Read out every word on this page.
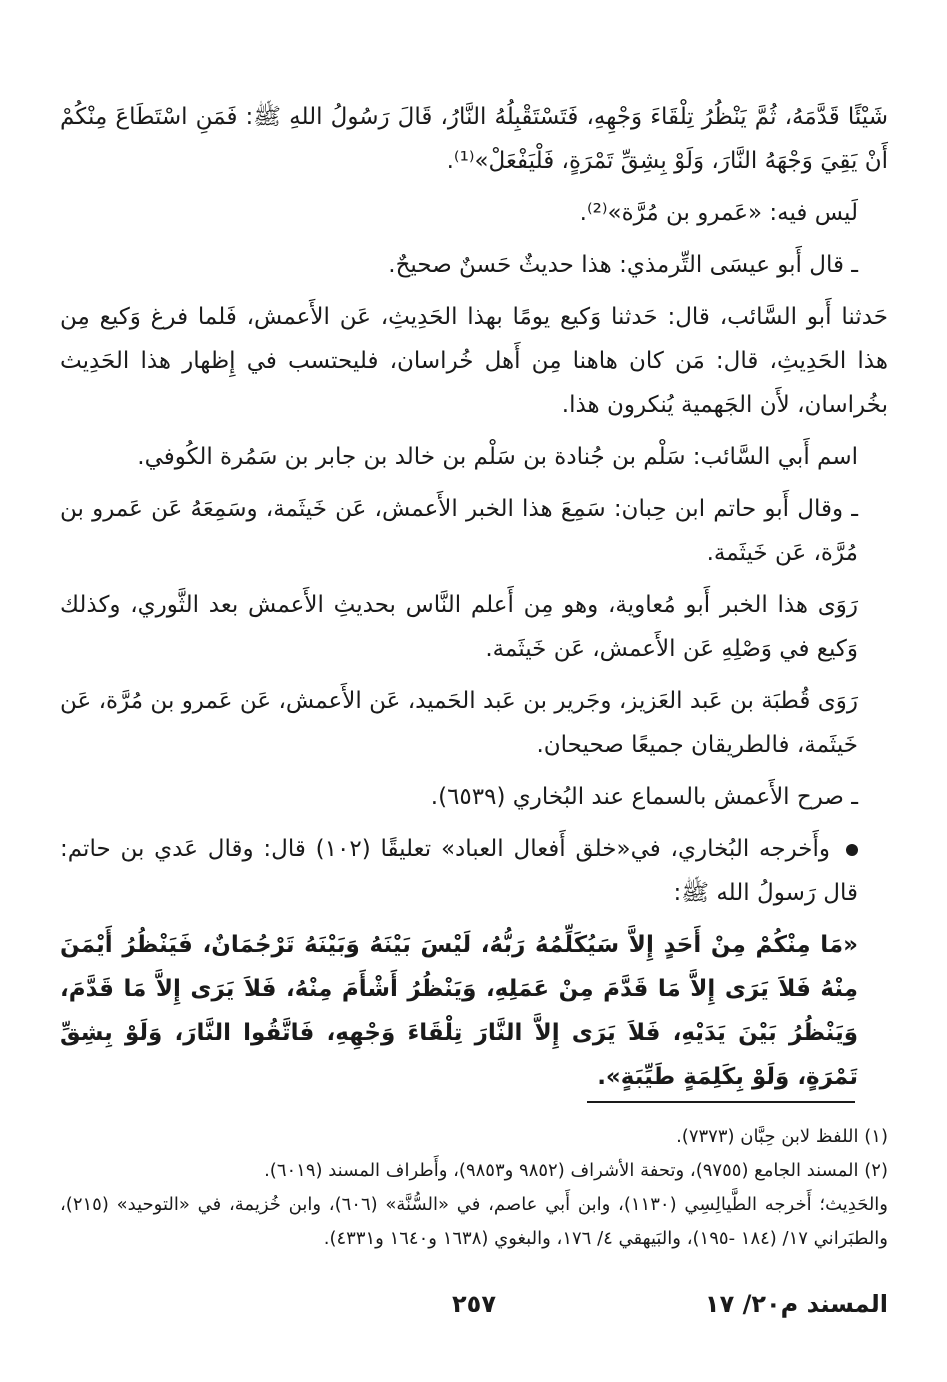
شَيْئًا قَدَّمَهُ، ثُمَّ يَنْظُرُ تِلْقَاءَ وَجْهِهِ، فَتَسْتَقْبِلُهُ النَّارُ، قَالَ رَسُولُ اللهِ ﷺ: فَمَنِ اسْتَطَاعَ مِنْكُمْ أَنْ يَقِيَ وَجْهَهُ النَّارَ، وَلَوْ بِشِقِّ تَمْرَةٍ، فَلْيَفْعَلْ»⁽¹⁾.

لَيس فيه: «عَمرو بن مُرَّة»⁽²⁾.

ـ قال أَبو عيسَى التِّرمذي: هذا حديثٌ حَسنٌ صحيحٌ.

حَدثنا أَبو السَّائب، قال: حَدثنا وَكيع يومًا بهذا الحَدِيثِ، عَن الأَعمش، فَلما فرغ وَكيع مِن هذا الحَدِيثِ، قال: مَن كان هاهنا مِن أَهل خُراسان، فليحتسب في إِظهار هذا الحَدِيث بخُراسان، لأَن الجَهمية يُنكرون هذا.

اسم أَبي السَّائب: سَلْم بن جُنادة بن سَلْم بن خالد بن جابر بن سَمُرة الكُوفي.

ـ وقال أَبو حاتم ابن حِبان: سَمِعَ هذا الخبر الأَعمش، عَن خَيثَمة، وسَمِعَهُ عَن عَمرو بن مُرَّة، عَن خَيثَمة.

رَوَى هذا الخبر أَبو مُعاوية، وهو مِن أَعلم النَّاس بحديثِ الأَعمش بعد الثَّوري، وكذلك وَكيع في وَصْلِهِ عَن الأَعمش، عَن خَيثَمة.

رَوَى قُطبَة بن عَبد العَزيز، وجَرير بن عَبد الحَميد، عَن الأَعمش، عَن عَمرو بن مُرَّة، عَن خَيثَمة، فالطريقان جميعًا صحيحان.

ـ صرح الأَعمش بالسماع عند البُخاري (٦٥٣٩).

وأَخرجه البُخاري، في«خلق أَفعال العباد» تعليقًا (١٠٢) قال: وقال عَدي بن حاتم: قال رَسولُ الله ﷺ:

«مَا مِنْكُمْ مِنْ أَحَدٍ إِلاَّ سَيُكَلِّمُهُ رَبُّهُ، لَيْسَ بَيْنَهُ وَبَيْنَهُ تَرْجُمَانٌ، فَيَنْظُرُ أَيْمَنَ مِنْهُ فَلاَ يَرَى إِلاَّ مَا قَدَّمَ مِنْ عَمَلِهِ، وَيَنْظُرُ أَشْأَمَ مِنْهُ، فَلاَ يَرَى إِلاَّ مَا قَدَّمَ، وَيَنْظُرُ بَيْنَ يَدَيْهِ، فَلاَ يَرَى إِلاَّ النَّارَ تِلْقَاءَ وَجْهِهِ، فَاتَّقُوا النَّارَ، وَلَوْ بِشِقِّ تَمْرَةٍ، وَلَوْ بِكَلِمَةٍ طَيِّبَةٍ».

(١) اللفظ لابن حِبَّان (٧٣٧٣).

(٢) المسند الجامع (٩٧٥٥)، وتحفة الأشراف (٩٨٥٢ و٩٨٥٣)، وأَطراف المسند (٦٠١٩).

والحَدِيث؛ أَخرجه الطَّيالِسِي (١١٣٠)، وابن أَبي عاصم، في «السُّنَّة» (٦٠٦)، وابن خُزيمة، في «التوحيد» (٢١٥)، والطبَراني ١٧/ (١٨٤ -١٩٥)، والبَيهقي ٤/ ١٧٦، والبغوي (١٦٣٨ و١٦٤٠ و٤٣٣١).

المسند م٢٠/ ١٧
٢٥٧
